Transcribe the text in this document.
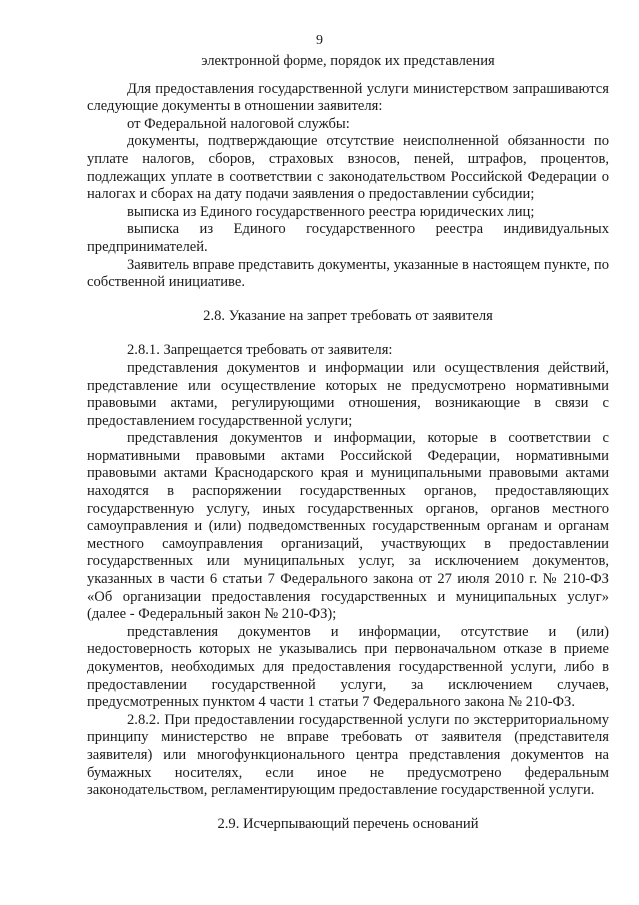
9

электронной форме, порядок их представления

Для предоставления государственной услуги министерством запрашиваются следующие документы в отношении заявителя:

от Федеральной налоговой службы:

документы, подтверждающие отсутствие неисполненной обязанности по уплате налогов, сборов, страховых взносов, пеней, штрафов, процентов, подлежащих уплате в соответствии с законодательством Российской Федерации о налогах и сборах на дату подачи заявления о предоставлении субсидии;

выписка из Единого государственного реестра юридических лиц;

выписка из Единого государственного реестра индивидуальных предпринимателей.

Заявитель вправе представить документы, указанные в настоящем пункте, по собственной инициативе.

2.8. Указание на запрет требовать от заявителя

2.8.1. Запрещается требовать от заявителя:

представления документов и информации или осуществления действий, представление или осуществление которых не предусмотрено нормативными правовыми актами, регулирующими отношения, возникающие в связи с предоставлением государственной услуги;

представления документов и информации, которые в соответствии с нормативными правовыми актами Российской Федерации, нормативными правовыми актами Краснодарского края и муниципальными правовыми актами находятся в распоряжении государственных органов, предоставляющих государственную услугу, иных государственных органов, органов местного самоуправления и (или) подведомственных государственным органам и органам местного самоуправления организаций, участвующих в предоставлении государственных или муниципальных услуг, за исключением документов, указанных в части 6 статьи 7 Федерального закона от 27 июля 2010 г. № 210-ФЗ «Об организации предоставления государственных и муниципальных услуг» (далее - Федеральный закон № 210-ФЗ);

представления документов и информации, отсутствие и (или) недостоверность которых не указывались при первоначальном отказе в приеме документов, необходимых для предоставления государственной услуги, либо в предоставлении государственной услуги, за исключением случаев, предусмотренных пунктом 4 части 1 статьи 7 Федерального закона № 210-ФЗ.

2.8.2. При предоставлении государственной услуги по экстерриториальному принципу министерство не вправе требовать от заявителя (представителя заявителя) или многофункционального центра представления документов на бумажных носителях, если иное не предусмотрено федеральным законодательством, регламентирующим предоставление государственной услуги.

2.9. Исчерпывающий перечень оснований
